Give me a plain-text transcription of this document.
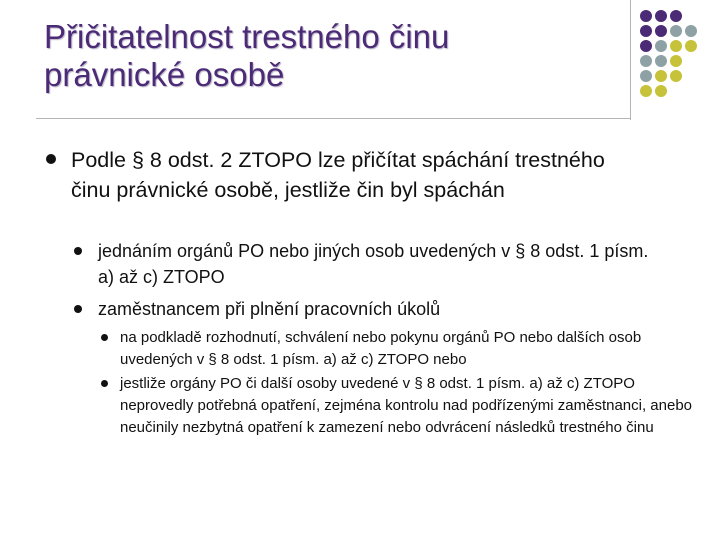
Přičitatelnost trestného činu
právnické osobě
Podle § 8 odst. 2 ZTOPO lze přičítat spáchání trestného činu právnické osobě, jestliže čin byl spáchán
jednáním orgánů PO nebo jiných osob uvedených v § 8 odst. 1 písm. a) až c) ZTOPO
zaměstnancem při plnění pracovních úkolů
na podkladě rozhodnutí, schválení nebo pokynu orgánů PO nebo dalších osob uvedených v § 8 odst. 1 písm. a) až c) ZTOPO nebo
jestliže orgány PO či další osoby uvedené v § 8 odst. 1 písm. a) až c) ZTOPO neprovedly potřebná opatření, zejména kontrolu nad podřízenými zaměstnanci, anebo neučinily nezbytná opatření k zamezení nebo odvrácení následků trestného činu
